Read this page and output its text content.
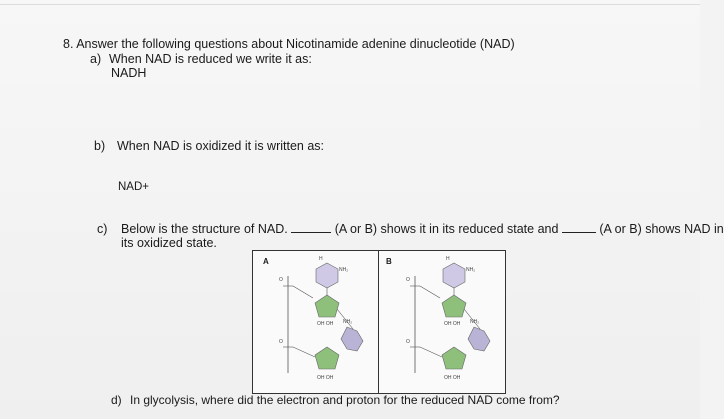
8. Answer the following questions about Nicotinamide adenine dinucleotide (NAD)
a) When NAD is reduced we write it as:
NADH
b) When NAD is oxidized it is written as:
NAD+
c) Below is the structure of NAD.	(A or B) shows it in its reduced state and	(A or B) shows NAD in
its oxidized state.
A	B
O
O
NH₂
OH OH NH₂
OH OH
H
O
O
NH₂
OH OH NH₂
OH OH
H
d) In glycolysis, where did the electron and proton for the reduced NAD come from?
